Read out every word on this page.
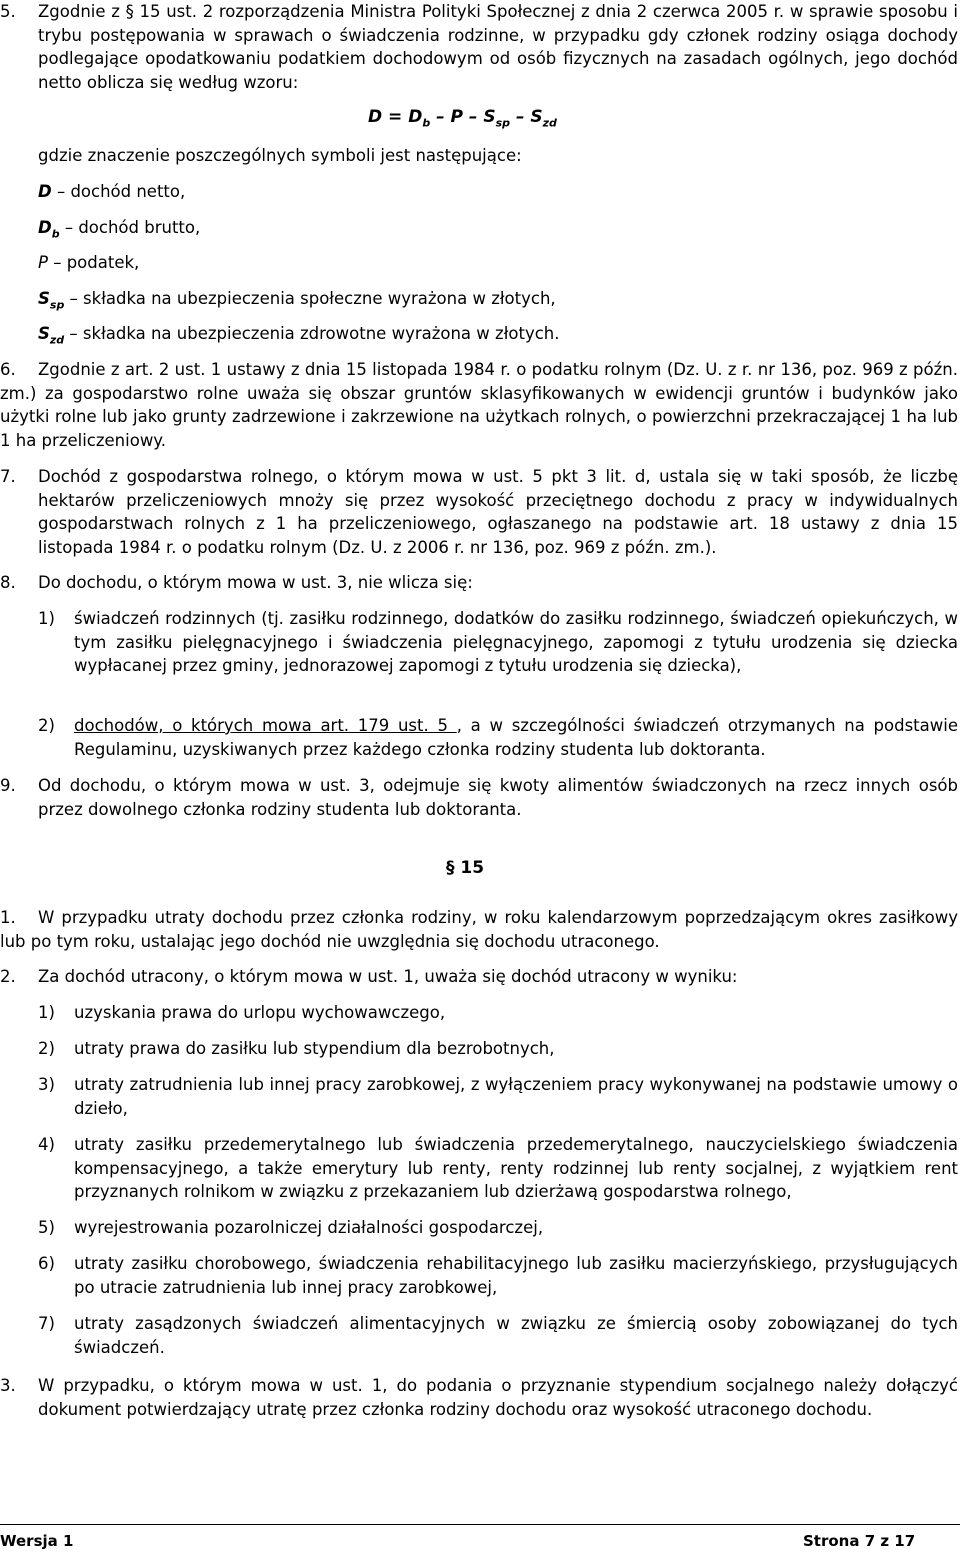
5. Zgodnie z § 15 ust. 2 rozporządzenia Ministra Polityki Społecznej z dnia 2 czerwca 2005 r. w sprawie sposobu i trybu postępowania w sprawach o świadczenia rodzinne, w przypadku gdy członek rodziny osiąga dochody podlegające opodatkowaniu podatkiem dochodowym od osób fizycznych na zasadach ogólnych, jego dochód netto oblicza się według wzoru:
$D = D_b - P - S_{sp} - S_{zd}$
gdzie znaczenie poszczególnych symboli jest następujące:
D – dochód netto,
$D_b$ – dochód brutto,
P – podatek,
$S_{sp}$ – składka na ubezpieczenia społeczne wyrażona w złotych,
$S_{zd}$ – składka na ubezpieczenia zdrowotne wyrażona w złotych.
6.	Zgodnie z art. 2 ust. 1 ustawy z dnia 15 listopada 1984 r. o podatku rolnym (Dz. U. z r. nr 136, poz. 969 z późn. zm.) za gospodarstwo rolne uważa się obszar gruntów sklasyfikowanych w ewidencji gruntów i budynków jako użytki rolne lub jako grunty zadrzewione i zakrzewione na użytkach rolnych, o powierzchni przekraczającej 1 ha lub 1 ha przeliczeniowy.
7. Dochód z gospodarstwa rolnego, o którym mowa w ust. 5 pkt 3 lit. d, ustala się w taki sposób, że liczbę hektarów przeliczeniowych mnoży się przez wysokość przeciętnego dochodu z pracy w indywidualnych gospodarstwach rolnych z 1 ha przeliczeniowego, ogłaszanego na podstawie art. 18 ustawy z dnia 15 listopada 1984 r. o podatku rolnym (Dz. U. z 2006 r. nr 136, poz. 969 z późn. zm.).
8. Do dochodu, o którym mowa w ust. 3, nie wlicza się:
1) świadczeń rodzinnych (tj. zasiłku rodzinnego, dodatków do zasiłku rodzinnego, świadczeń opiekuńczych, w tym zasiłku pielęgnacyjnego i świadczenia pielęgnacyjnego, zapomogi z tytułu urodzenia się dziecka wypłacanej przez gminy, jednorazowej zapomogi z tytułu urodzenia się dziecka),
2) dochodów, o których mowa art. 179 ust. 5 , a w szczególności świadczeń otrzymanych na podstawie Regulaminu, uzyskiwanych przez każdego członka rodziny studenta lub doktoranta.
9. Od dochodu, o którym mowa w ust. 3, odejmuje się kwoty alimentów świadczonych na rzecz innych osób przez dowolnego członka rodziny studenta lub doktoranta.
§ 15
1.	W przypadku utraty dochodu przez członka rodziny, w roku kalendarzowym poprzedzającym okres zasiłkowy lub po tym roku, ustalając jego dochód nie uwzględnia się dochodu utraconego.
2. Za dochód utracony, o którym mowa w ust. 1, uważa się dochód utracony w wyniku:
1) uzyskania prawa do urlopu wychowawczego,
2) utraty prawa do zasiłku lub stypendium dla bezrobotnych,
3) utraty zatrudnienia lub innej pracy zarobkowej, z wyłączeniem pracy wykonywanej na podstawie umowy o dzieło,
4) utraty zasiłku przedemerytalnego lub świadczenia przedemerytalnego, nauczycielskiego świadczenia kompensacyjnego, a także emerytury lub renty, renty rodzinnej lub renty socjalnej, z wyjątkiem rent przyznanych rolnikom w związku z przekazaniem lub dzierżawą gospodarstwa rolnego,
5) wyrejestrowania pozarolniczej działalności gospodarczej,
6) utraty zasiłku chorobowego, świadczenia rehabilitacyjnego lub zasiłku macierzyńskiego, przysługujących po utracie zatrudnienia lub innej pracy zarobkowej,
7) utraty zasądzonych świadczeń alimentacyjnych w związku ze śmiercią osoby zobowiązanej do tych świadczeń.
3. W przypadku, o którym mowa w ust. 1, do podania o przyznanie stypendium socjalnego należy dołączyć dokument potwierdzający utratę przez członka rodziny dochodu oraz wysokość utraconego dochodu.
Wersja 1	Strona 7 z 17
